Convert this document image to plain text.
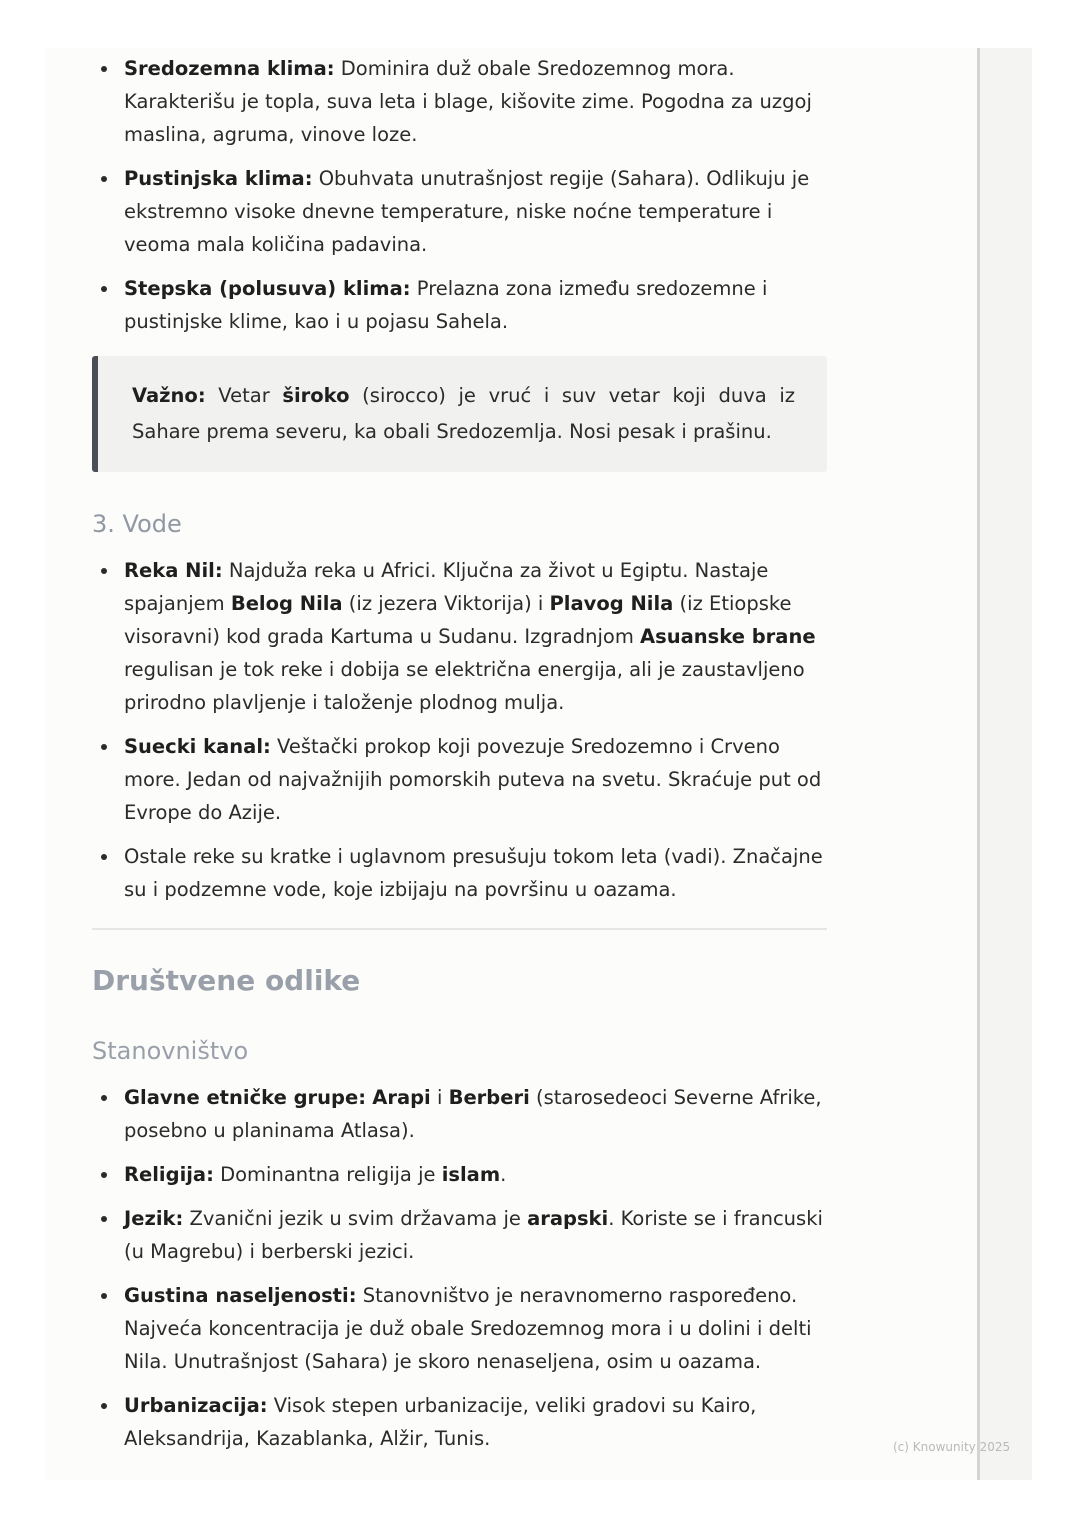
Sredozemna klima: Dominira duž obale Sredozemnog mora. Karakterišu je topla, suva leta i blage, kišovite zime. Pogodna za uzgoj maslina, agruma, vinove loze.
Pustinjska klima: Obuhvata unutrašnjost regije (Sahara). Odlikuju je ekstremno visoke dnevne temperature, niske noćne temperature i veoma mala količina padavina.
Stepska (polusuva) klima: Prelazna zona između sredozemne i pustinjske klime, kao i u pojasu Sahela.
Važno: Vetar široko (sirocco) je vruć i suv vetar koji duva iz Sahare prema severu, ka obali Sredozemlja. Nosi pesak i prašinu.
3. Vode
Reka Nil: Najduža reka u Africi. Ključna za život u Egiptu. Nastaje spajanjem Belog Nila (iz jezera Viktorija) i Plavog Nila (iz Etiopske visoravni) kod grada Kartuma u Sudanu. Izgradnjom Asuanske brane regulisan je tok reke i dobija se električna energija, ali je zaustavljeno prirodno plavljenje i taloženje plodnog mulja.
Suecki kanal: Veštački prokop koji povezuje Sredozemno i Crveno more. Jedan od najvažnijih pomorskih puteva na svetu. Skraćuje put od Evrope do Azije.
Ostale reke su kratke i uglavnom presušuju tokom leta (vadi). Značajne su i podzemne vode, koje izbijaju na površinu u oazama.
Društvene odlike
Stanovništvo
Glavne etničke grupe: Arapi i Berberi (starosedeoci Severne Afrike, posebno u planinama Atlasa).
Religija: Dominantna religija je islam.
Jezik: Zvanični jezik u svim državama je arapski. Koriste se i francuski (u Magrebu) i berberski jezici.
Gustina naseljenosti: Stanovništvo je neravnomerno raspoređeno. Najveća koncentracija je duž obale Sredozemnog mora i u dolini i delti Nila. Unutrašnjost (Sahara) je skoro nenaseljena, osim u oazama.
Urbanizacija: Visok stepen urbanizacije, veliki gradovi su Kairo, Aleksandrija, Kazablanka, Alžir, Tunis.	(c) Knowunity 2025
